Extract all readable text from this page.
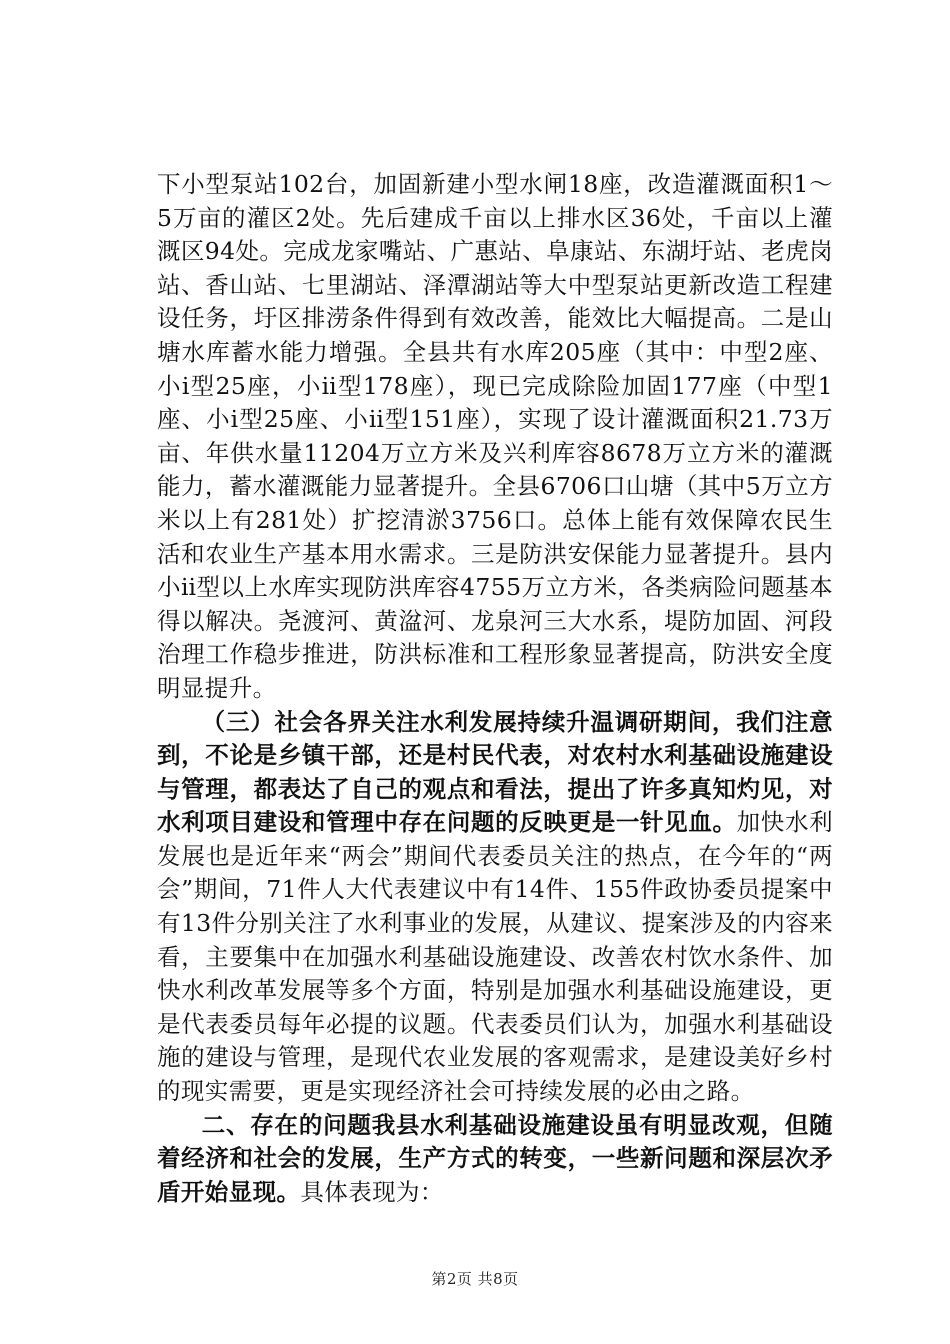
下小型泵站102台，加固新建小型水闸18座，改造灌溉面积1～5万亩的灌区2处。先后建成千亩以上排水区36处，千亩以上灌溉区94处。完成龙家嘴站、广惠站、阜康站、东湖圩站、老虎岗站、香山站、七里湖站、泽潭湖站等大中型泵站更新改造工程建设任务，圩区排涝条件得到有效改善，能效比大幅提高。二是山塘水库蓄水能力增强。全县共有水库205座（其中：中型2座、小ⅰ型25座，小ⅱ型178座），现已完成除险加固177座（中型1座、小ⅰ型25座、小ⅱ型151座），实现了设计灌溉面积21.73万亩、年供水量11204万立方米及兴利库容8678万立方米的灌溉能力，蓄水灌溉能力显著提升。全县6706口山塘（其中5万立方米以上有281处）扩挖清淤3756口。总体上能有效保障农民生活和农业生产基本用水需求。三是防洪安保能力显著提升。县内小ⅱ型以上水库实现防洪库容4755万立方米，各类病险问题基本得以解决。尧渡河、黄湓河、龙泉河三大水系，堤防加固、河段治理工作稳步推进，防洪标准和工程形象显著提高，防洪安全度明显提升。

（三）社会各界关注水利发展持续升温调研期间，我们注意到，不论是乡镇干部，还是村民代表，对农村水利基础设施建设与管理，都表达了自己的观点和看法，提出了许多真知灼见，对水利项目建设和管理中存在问题的反映更是一针见血。加快水利发展也是近年来“两会”期间代表委员关注的热点，在今年的“两会”期间，71件人大代表建议中有14件、155件政协委员提案中有13件分别关注了水利事业的发展，从建议、提案涉及的内容来看，主要集中在加强水利基础设施建设、改善农村饮水条件、加快水利改革发展等多个方面，特别是加强水利基础设施建设，更是代表委员每年必提的议题。代表委员们认为，加强水利基础设施的建设与管理，是现代农业发展的客观需求，是建设美好乡村的现实需要，更是实现经济社会可持续发展的必由之路。

二、存在的问题我县水利基础设施建设虽有明显改观，但随着经济和社会的发展，生产方式的转变，一些新问题和深层次矛盾开始显现。具体表现为：

第2页 共8页
